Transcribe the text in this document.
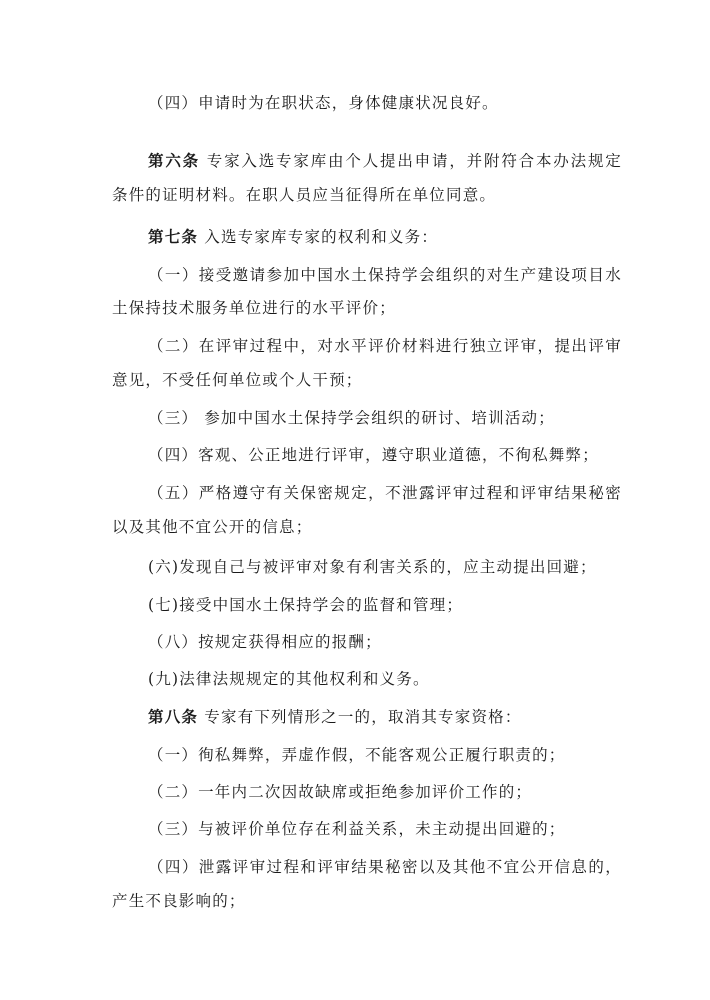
（四）申请时为在职状态，身体健康状况良好。
第六条 专家入选专家库由个人提出申请，并附符合本办法规定
条件的证明材料。在职人员应当征得所在单位同意。
第七条 入选专家库专家的权利和义务：
（一）接受邀请参加中国水土保持学会组织的对生产建设项目水
土保持技术服务单位进行的水平评价；
（二）在评审过程中，对水平评价材料进行独立评审，提出评审
意见，不受任何单位或个人干预；
（三） 参加中国水土保持学会组织的研讨、培训活动；
（四）客观、公正地进行评审，遵守职业道德，不徇私舞弊；
（五）严格遵守有关保密规定，不泄露评审过程和评审结果秘密
以及其他不宜公开的信息；
(六)发现自己与被评审对象有利害关系的，应主动提出回避；
(七)接受中国水土保持学会的监督和管理；
（八）按规定获得相应的报酬；
(九)法律法规规定的其他权利和义务。
第八条 专家有下列情形之一的，取消其专家资格：
（一）徇私舞弊，弄虚作假，不能客观公正履行职责的；
（二）一年内二次因故缺席或拒绝参加评价工作的；
（三）与被评价单位存在利益关系，未主动提出回避的；
（四）泄露评审过程和评审结果秘密以及其他不宜公开信息的，
产生不良影响的；
